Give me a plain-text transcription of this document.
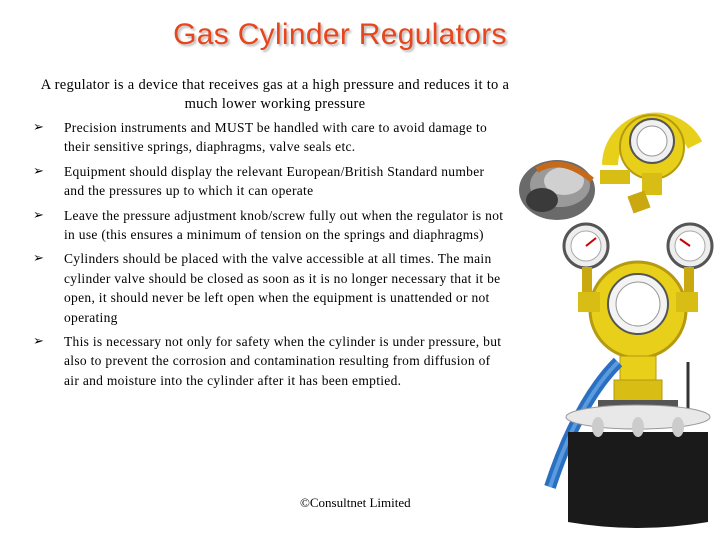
Gas Cylinder Regulators
A regulator is a device that receives gas at a high pressure and reduces it to a much lower working pressure
➢ Precision instruments and MUST be handled with care to avoid damage to their sensitive springs, diaphragms, valve seals etc.
➢ Equipment should display the relevant European/British Standard number and the pressures up to which it can operate
➢ Leave the pressure adjustment knob/screw fully out when the regulator is not in use (this ensures a minimum of tension on the springs and diaphragms)
➢ Cylinders should be placed with the valve accessible at all times. The main cylinder valve should be closed as soon as it is no longer necessary that it be open, it should never be left open when the equipment is unattended or not operating
➢ This is necessary not only for safety when the cylinder is under pressure, but also to prevent the corrosion and contamination resulting from diffusion of air and moisture into the cylinder after it has been emptied.
©Consultnet Limited
